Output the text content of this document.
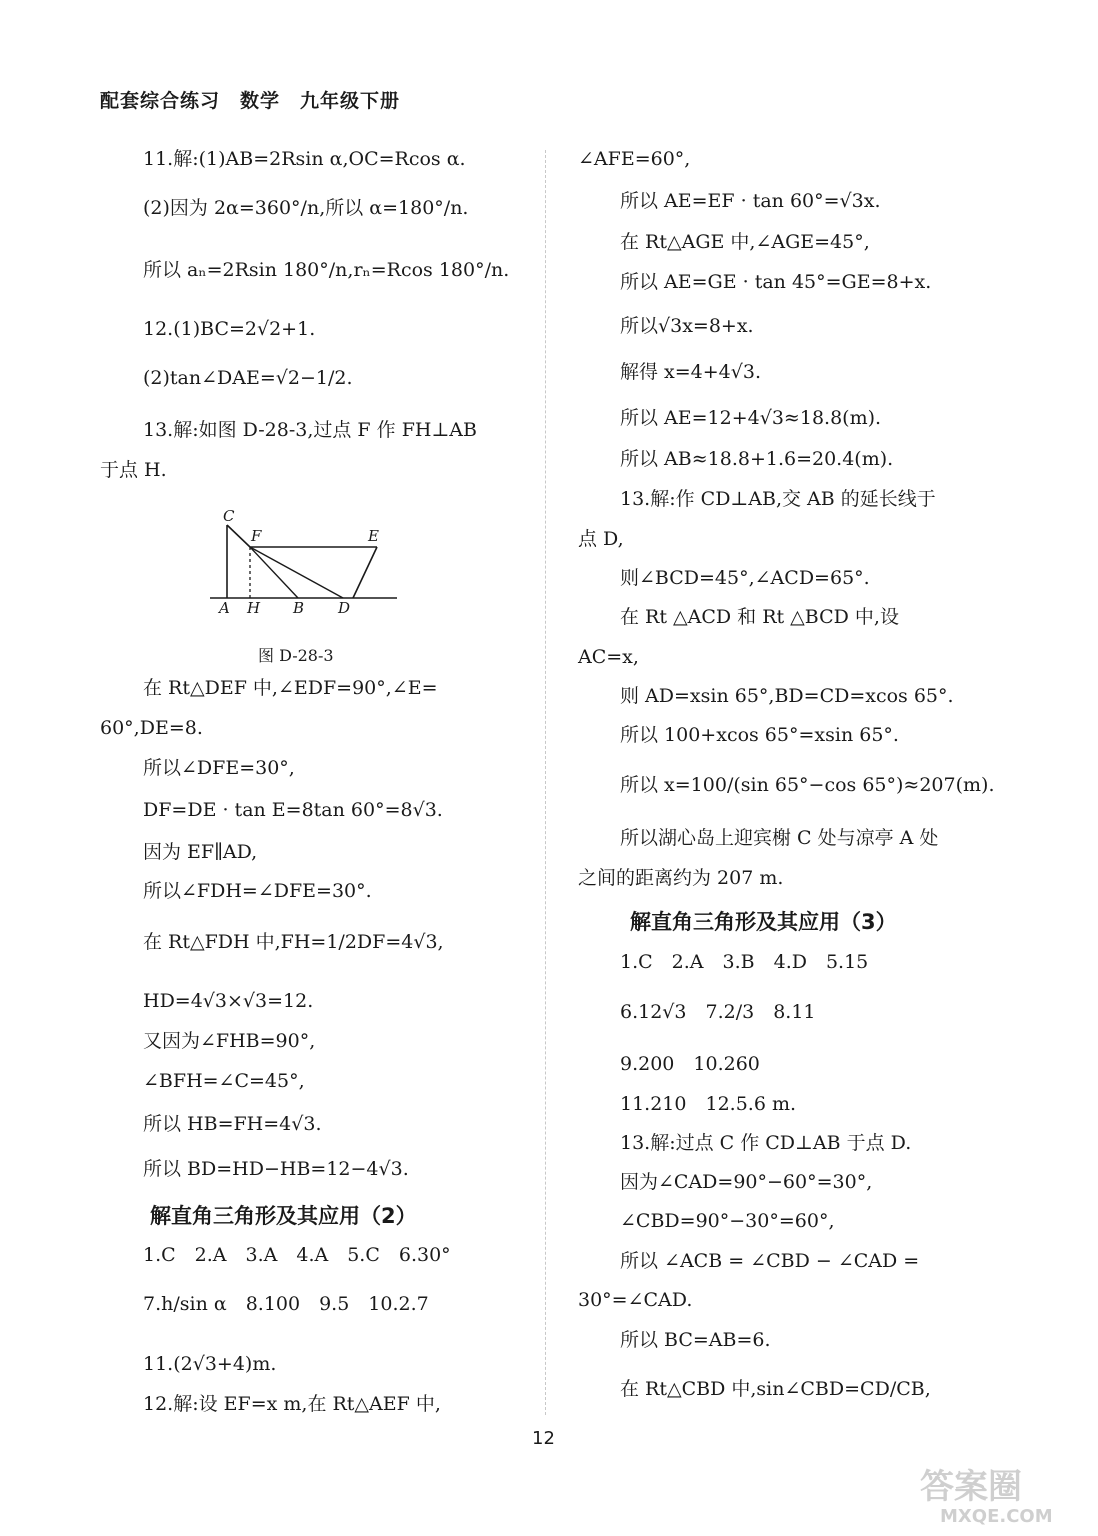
配套综合练习　数学　九年级下册
11.解:(1)AB=2Rsin α,OC=Rcos α.
(2)因为 2α=360°/n,所以 α=180°/n.
所以 aₙ=2Rsin 180°/n,rₙ=Rcos 180°/n.
12.(1)BC=2√2+1.
(2)tan∠DAE=√2−1/2.
13.解:如图 D-28-3,过点 F 作 FH⊥AB
于点 H.
在 Rt△DEF 中,∠EDF=90°,∠E=
60°,DE=8.
所以∠DFE=30°,
DF=DE · tan E=8tan 60°=8√3.
因为 EF∥AD,
所以∠FDH=∠DFE=30°.
在 Rt△FDH 中,FH=1/2DF=4√3,
HD=4√3×√3=12.
又因为∠FHB=90°,
∠BFH=∠C=45°,
所以 HB=FH=4√3.
所以 BD=HD−HB=12−4√3.
1.C　2.A　3.A　4.A　5.C　6.30°
7.h/sin α　8.100　9.5　10.2.7
11.(2√3+4)m.
12.解:设 EF=x m,在 Rt△AEF 中,
解直角三角形及其应用（2）
∠AFE=60°,
所以 AE=EF · tan 60°=√3x.
在 Rt△AGE 中,∠AGE=45°,
所以 AE=GE · tan 45°=GE=8+x.
所以√3x=8+x.
解得 x=4+4√3.
所以 AE=12+4√3≈18.8(m).
所以 AB≈18.8+1.6=20.4(m).
13.解:作 CD⊥AB,交 AB 的延长线于
点 D,
则∠BCD=45°,∠ACD=65°.
在 Rt △ACD 和 Rt △BCD 中,设
AC=x,
则 AD=xsin 65°,BD=CD=xcos 65°.
所以 100+xcos 65°=xsin 65°.
所以 x=100/(sin 65°−cos 65°)≈207(m).
所以湖心岛上迎宾榭 C 处与凉亭 A 处
之间的距离约为 207 m.
1.C　2.A　3.B　4.D　5.15
6.12√3　7.2/3　8.11
9.200　10.260
11.210　12.5.6 m.
13.解:过点 C 作 CD⊥AB 于点 D.
因为∠CAD=90°−60°=30°,
∠CBD=90°−30°=60°,
所以 ∠ACB = ∠CBD − ∠CAD =
30°=∠CAD.
所以 BC=AB=6.
在 Rt△CBD 中,sin∠CBD=CD/CB,
解直角三角形及其应用（3）
C
F	E
A H B D
图 D-28-3
12
答案圈
MXQE.COM
